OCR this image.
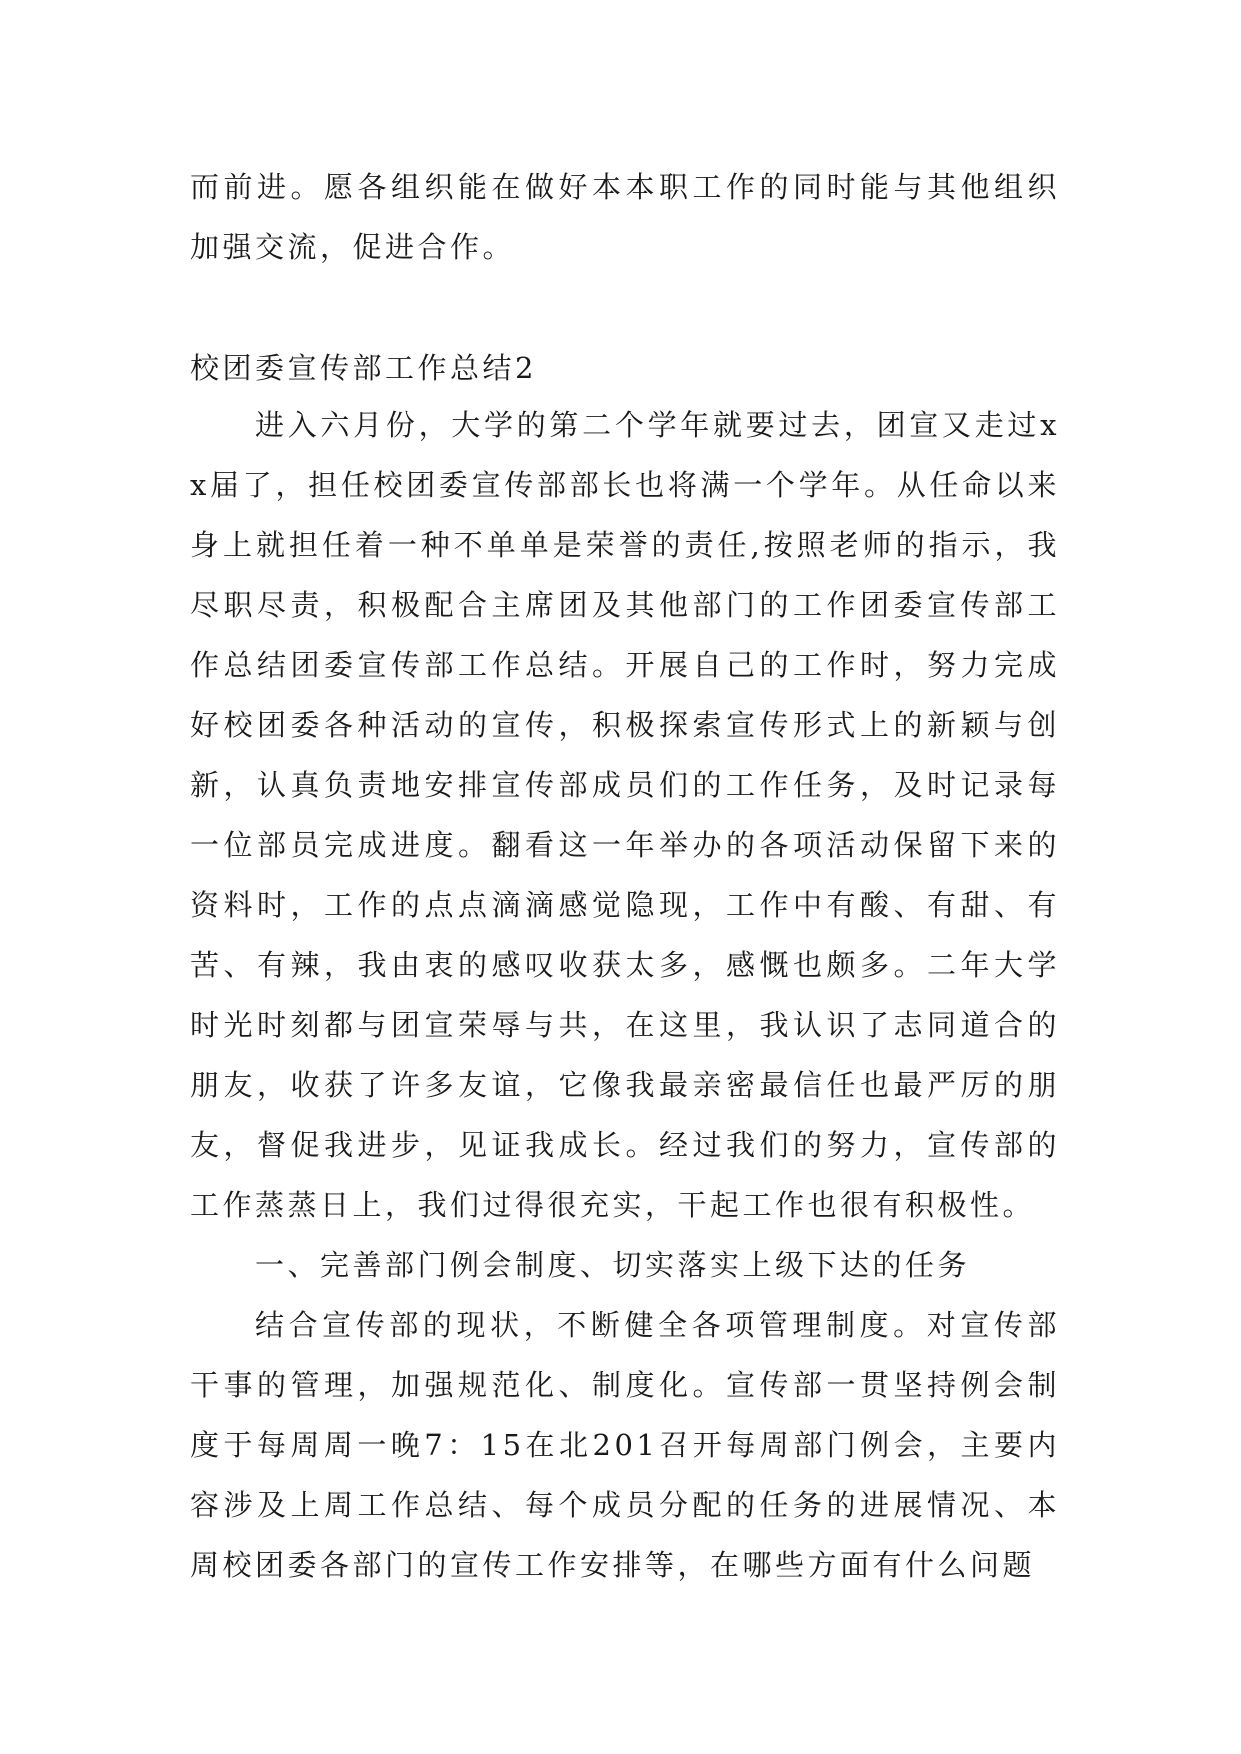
而前进。愿各组织能在做好本本职工作的同时能与其他组织加强交流，促进合作。

校团委宣传部工作总结2

进入六月份，大学的第二个学年就要过去，团宣又走过xx届了，担任校团委宣传部部长也将满一个学年。从任命以来身上就担任着一种不单单是荣誉的责任,按照老师的指示，我尽职尽责，积极配合主席团及其他部门的工作团委宣传部工作总结团委宣传部工作总结。开展自己的工作时，努力完成好校团委各种活动的宣传，积极探索宣传形式上的新颖与创新，认真负责地安排宣传部成员们的工作任务，及时记录每一位部员完成进度。翻看这一年举办的各项活动保留下来的资料时，工作的点点滴滴感觉隐现，工作中有酸、有甜、有苦、有辣，我由衷的感叹收获太多，感慨也颇多。二年大学时光时刻都与团宣荣辱与共，在这里，我认识了志同道合的朋友，收获了许多友谊，它像我最亲密最信任也最严厉的朋友，督促我进步，见证我成长。经过我们的努力，宣传部的工作蒸蒸日上，我们过得很充实，干起工作也很有积极性。

一、完善部门例会制度、切实落实上级下达的任务

结合宣传部的现状，不断健全各项管理制度。对宣传部干事的管理，加强规范化、制度化。宣传部一贯坚持例会制度于每周周一晚7：15在北201召开每周部门例会，主要内容涉及上周工作总结、每个成员分配的任务的进展情况、本周校团委各部门的宣传工作安排等，在哪些方面有什么问题
